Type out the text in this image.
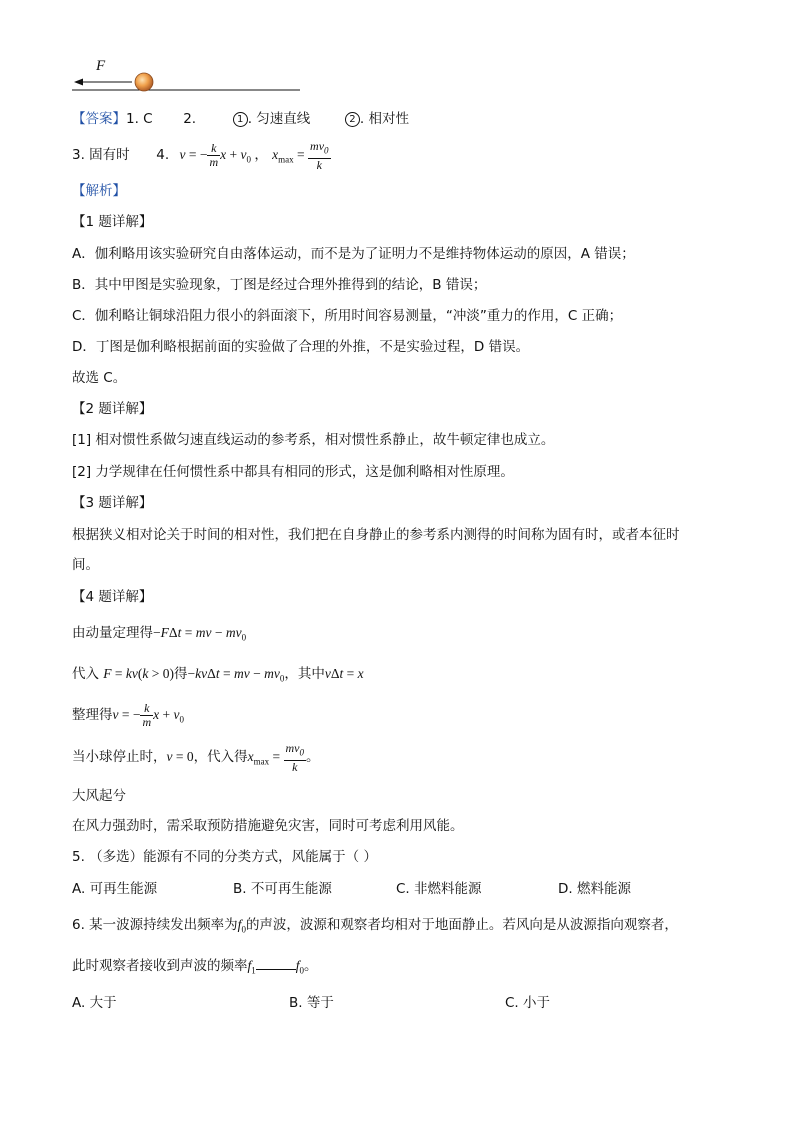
F
【答案】1. C 2.	1 . 匀速直线	2 . 相对性
3. 固有时 4. v = − $\frac{k}{m}$ $x + v_0$ ， $x_{max} = \frac{mv_0}{k}$
【解析】
【1 题详解】
A．伽利略用该实验研究自由落体运动，而不是为了证明力不是维持物体运动的原因，A 错误；
B．其中甲图是实验现象，丁图是经过合理外推得到的结论，B 错误；
C．伽利略让铜球沿阻力很小的斜面滚下，所用时间容易测量，“冲淡”重力的作用，C 正确；
D．丁图是伽利略根据前面的实验做了合理的外推，不是实验过程，D 错误。
故选 C。
【2 题详解】
[1] 相对惯性系做匀速直线运动的参考系，相对惯性系静止，故牛顿定律也成立。
[2] 力学规律在任何惯性系中都具有相同的形式，这是伽利略相对性原理。
【3 题详解】
根据狭义相对论关于时间的相对性，我们把在自身静止的参考系内测得的时间称为固有时，或者本征时
间。
【4 题详解】
由动量定理得−FΔt = mv − $mv_0$
代入 F = kv(k > 0)得−kvΔt = mv − $mv_0$，其中vΔt = x
整理得v = − $\frac{k}{m}$ $x + v_0$
当小球停止时，v = 0，代入得$x_{max} = \frac{mv_0}{k}$ 。
大风起兮
在风力强劲时，需采取预防措施避免灾害，同时可考虑利用风能。
5. （多选）能源有不同的分类方式，风能属于（ ）
A. 可再生能源	B. 不可再生能源	C. 非燃料能源	D. 燃料能源
6. 某一波源持续发出频率为$f_0$的声波，波源和观察者均相对于地面静止。若风向是从波源指向观察者，
此时观察者接收到声波的频率$f_1$	$f_0$。
A. 大于	B. 等于	C. 小于
